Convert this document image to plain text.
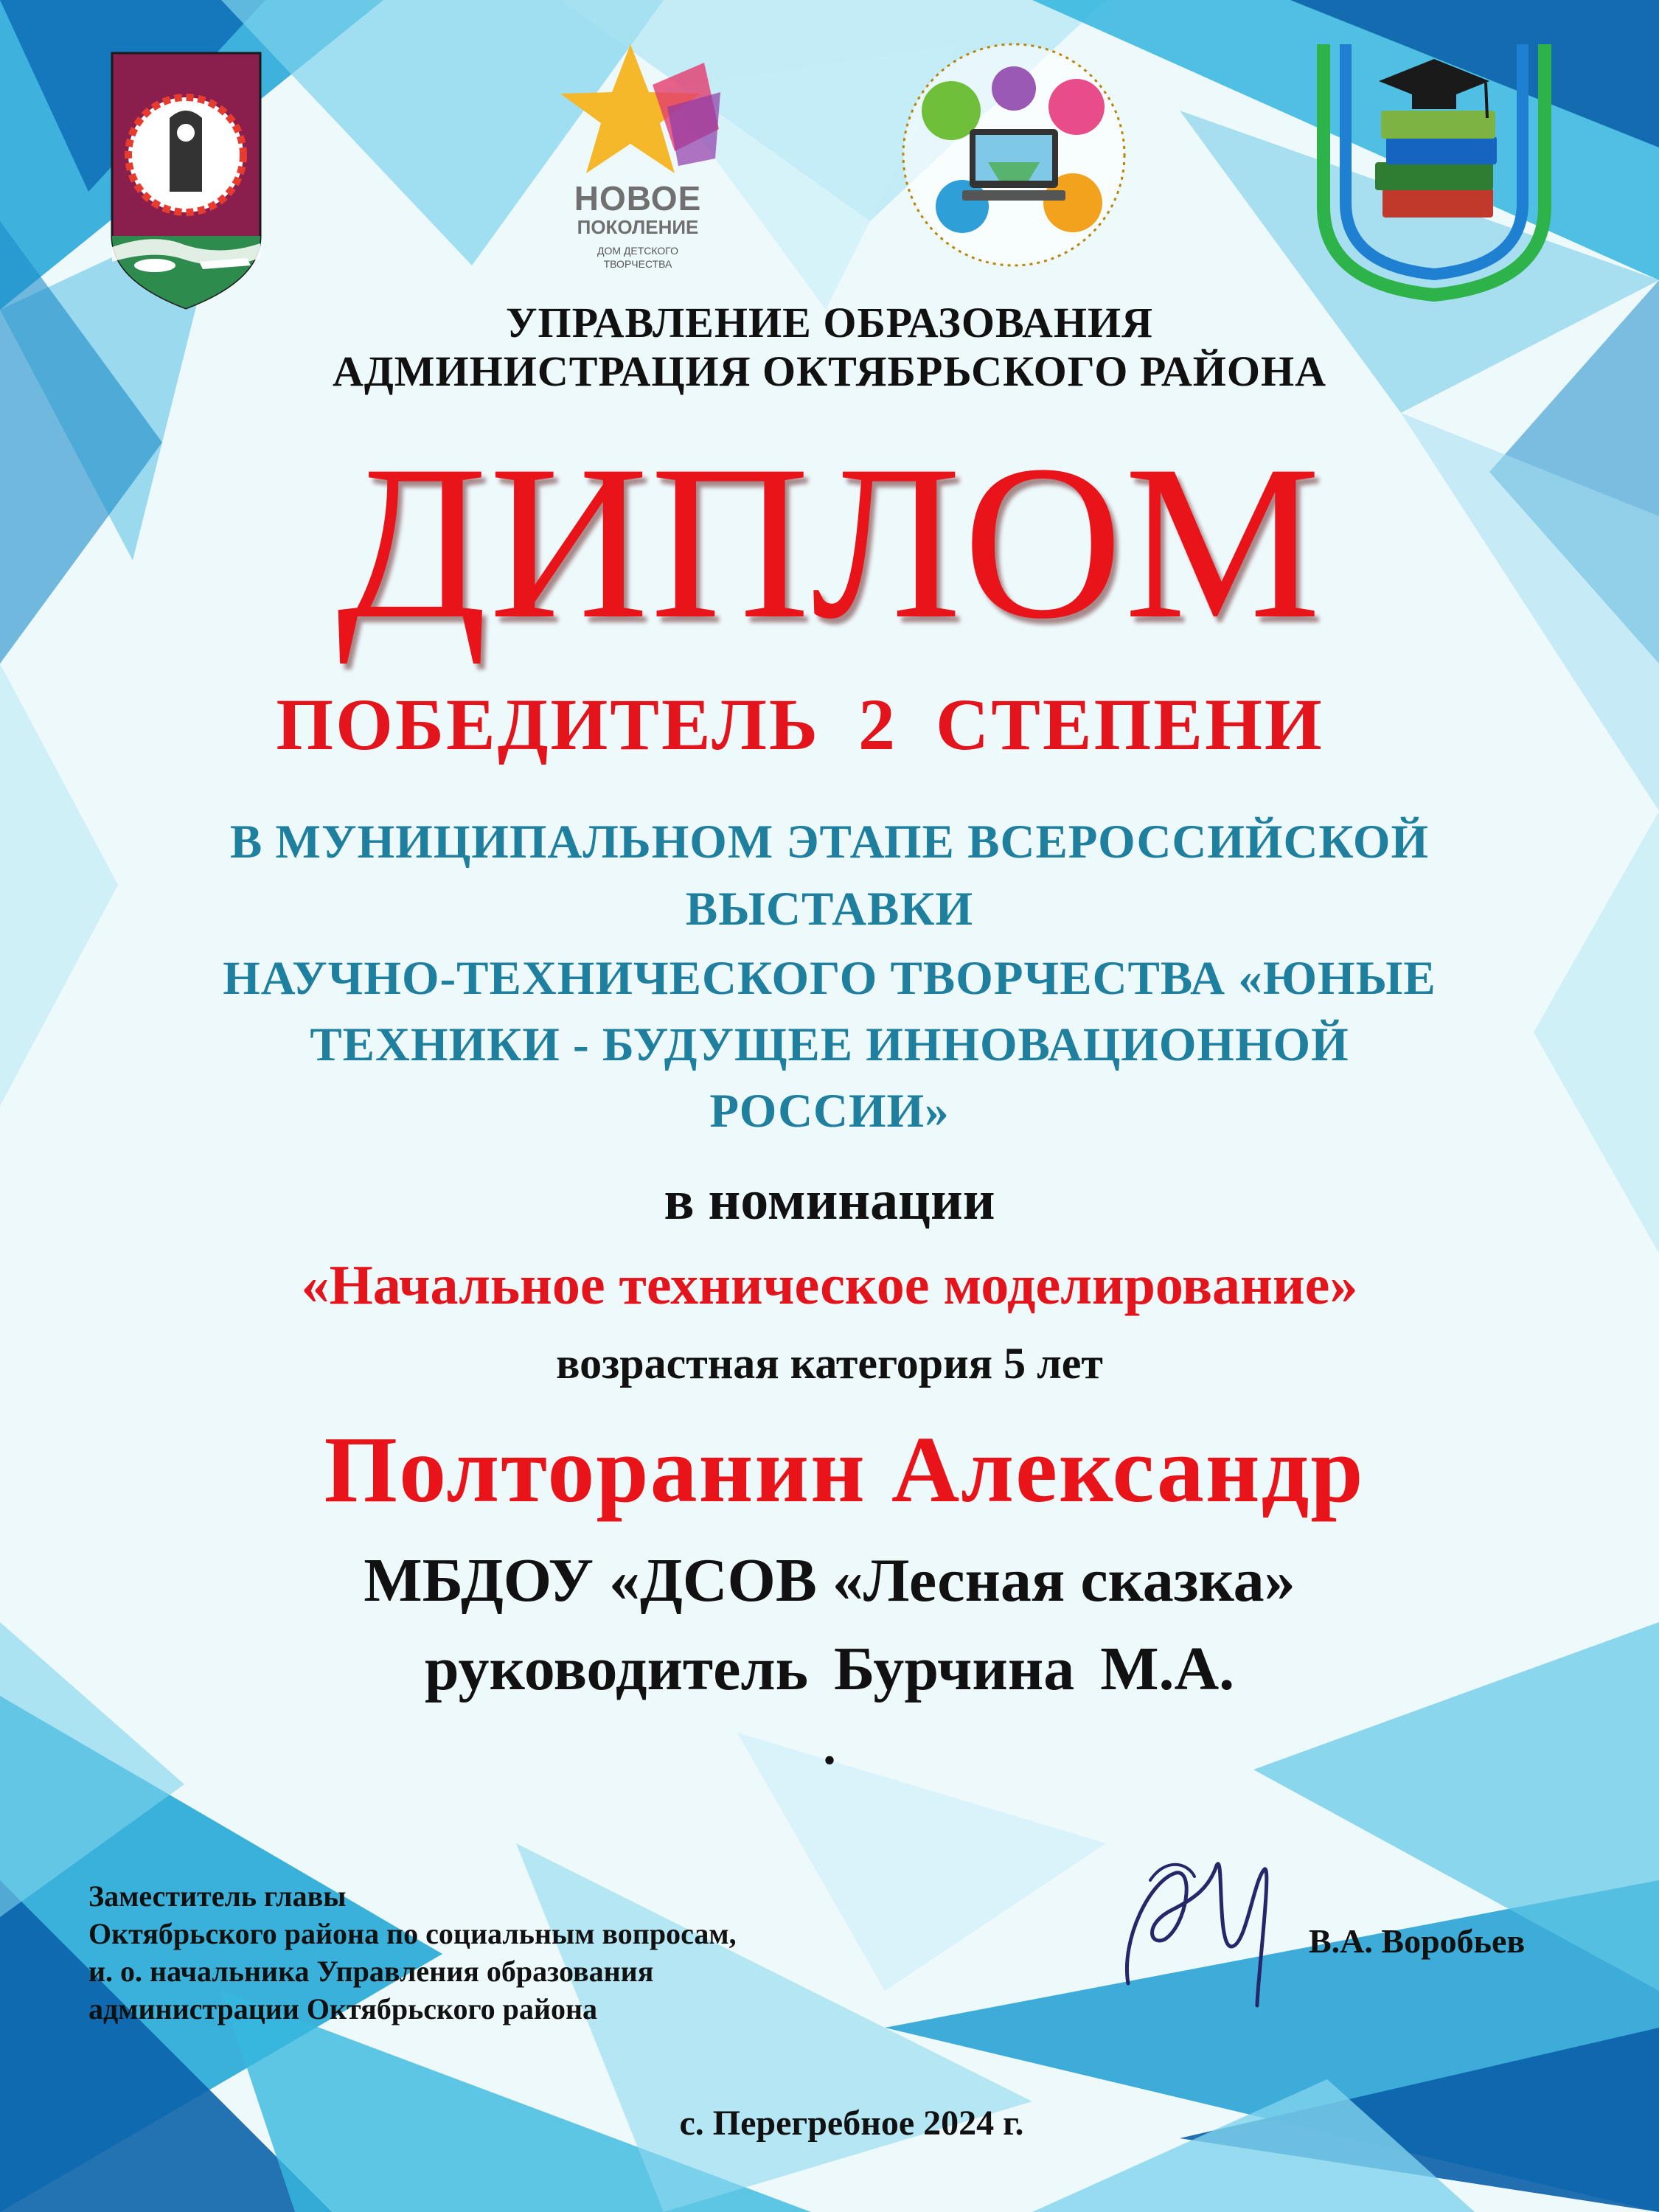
НОВОЕ
ПОКОЛЕНИЕ
ДОМ ДЕТСКОГО
ТВОРЧЕСТВА
УПРАВЛЕНИЕ ОБРАЗОВАНИЯ
АДМИНИСТРАЦИЯ ОКТЯБРЬСКОГО РАЙОНА
ДИПЛОМ
ПОБЕДИТЕЛЬ 2 СТЕПЕНИ
В МУНИЦИПАЛЬНОМ ЭТАПЕ ВСЕРОССИЙСКОЙ
ВЫСТАВКИ
НАУЧНО-ТЕХНИЧЕСКОГО ТВОРЧЕСТВА «ЮНЫЕ
ТЕХНИКИ - БУДУЩЕЕ ИННОВАЦИОННОЙ
РОССИИ»
в номинации
«Начальное техническое моделирование»
возрастная категория 5 лет
Полторанин Александр
МБДОУ «ДСОВ «Лесная сказка»
руководитель Бурчина М.А.
.
Заместитель главы
Октябрьского района по социальным вопросам,
и. о. начальника Управления образования
администрации Октябрьского района
В.А. Воробьев
с. Перегребное 2024 г.
